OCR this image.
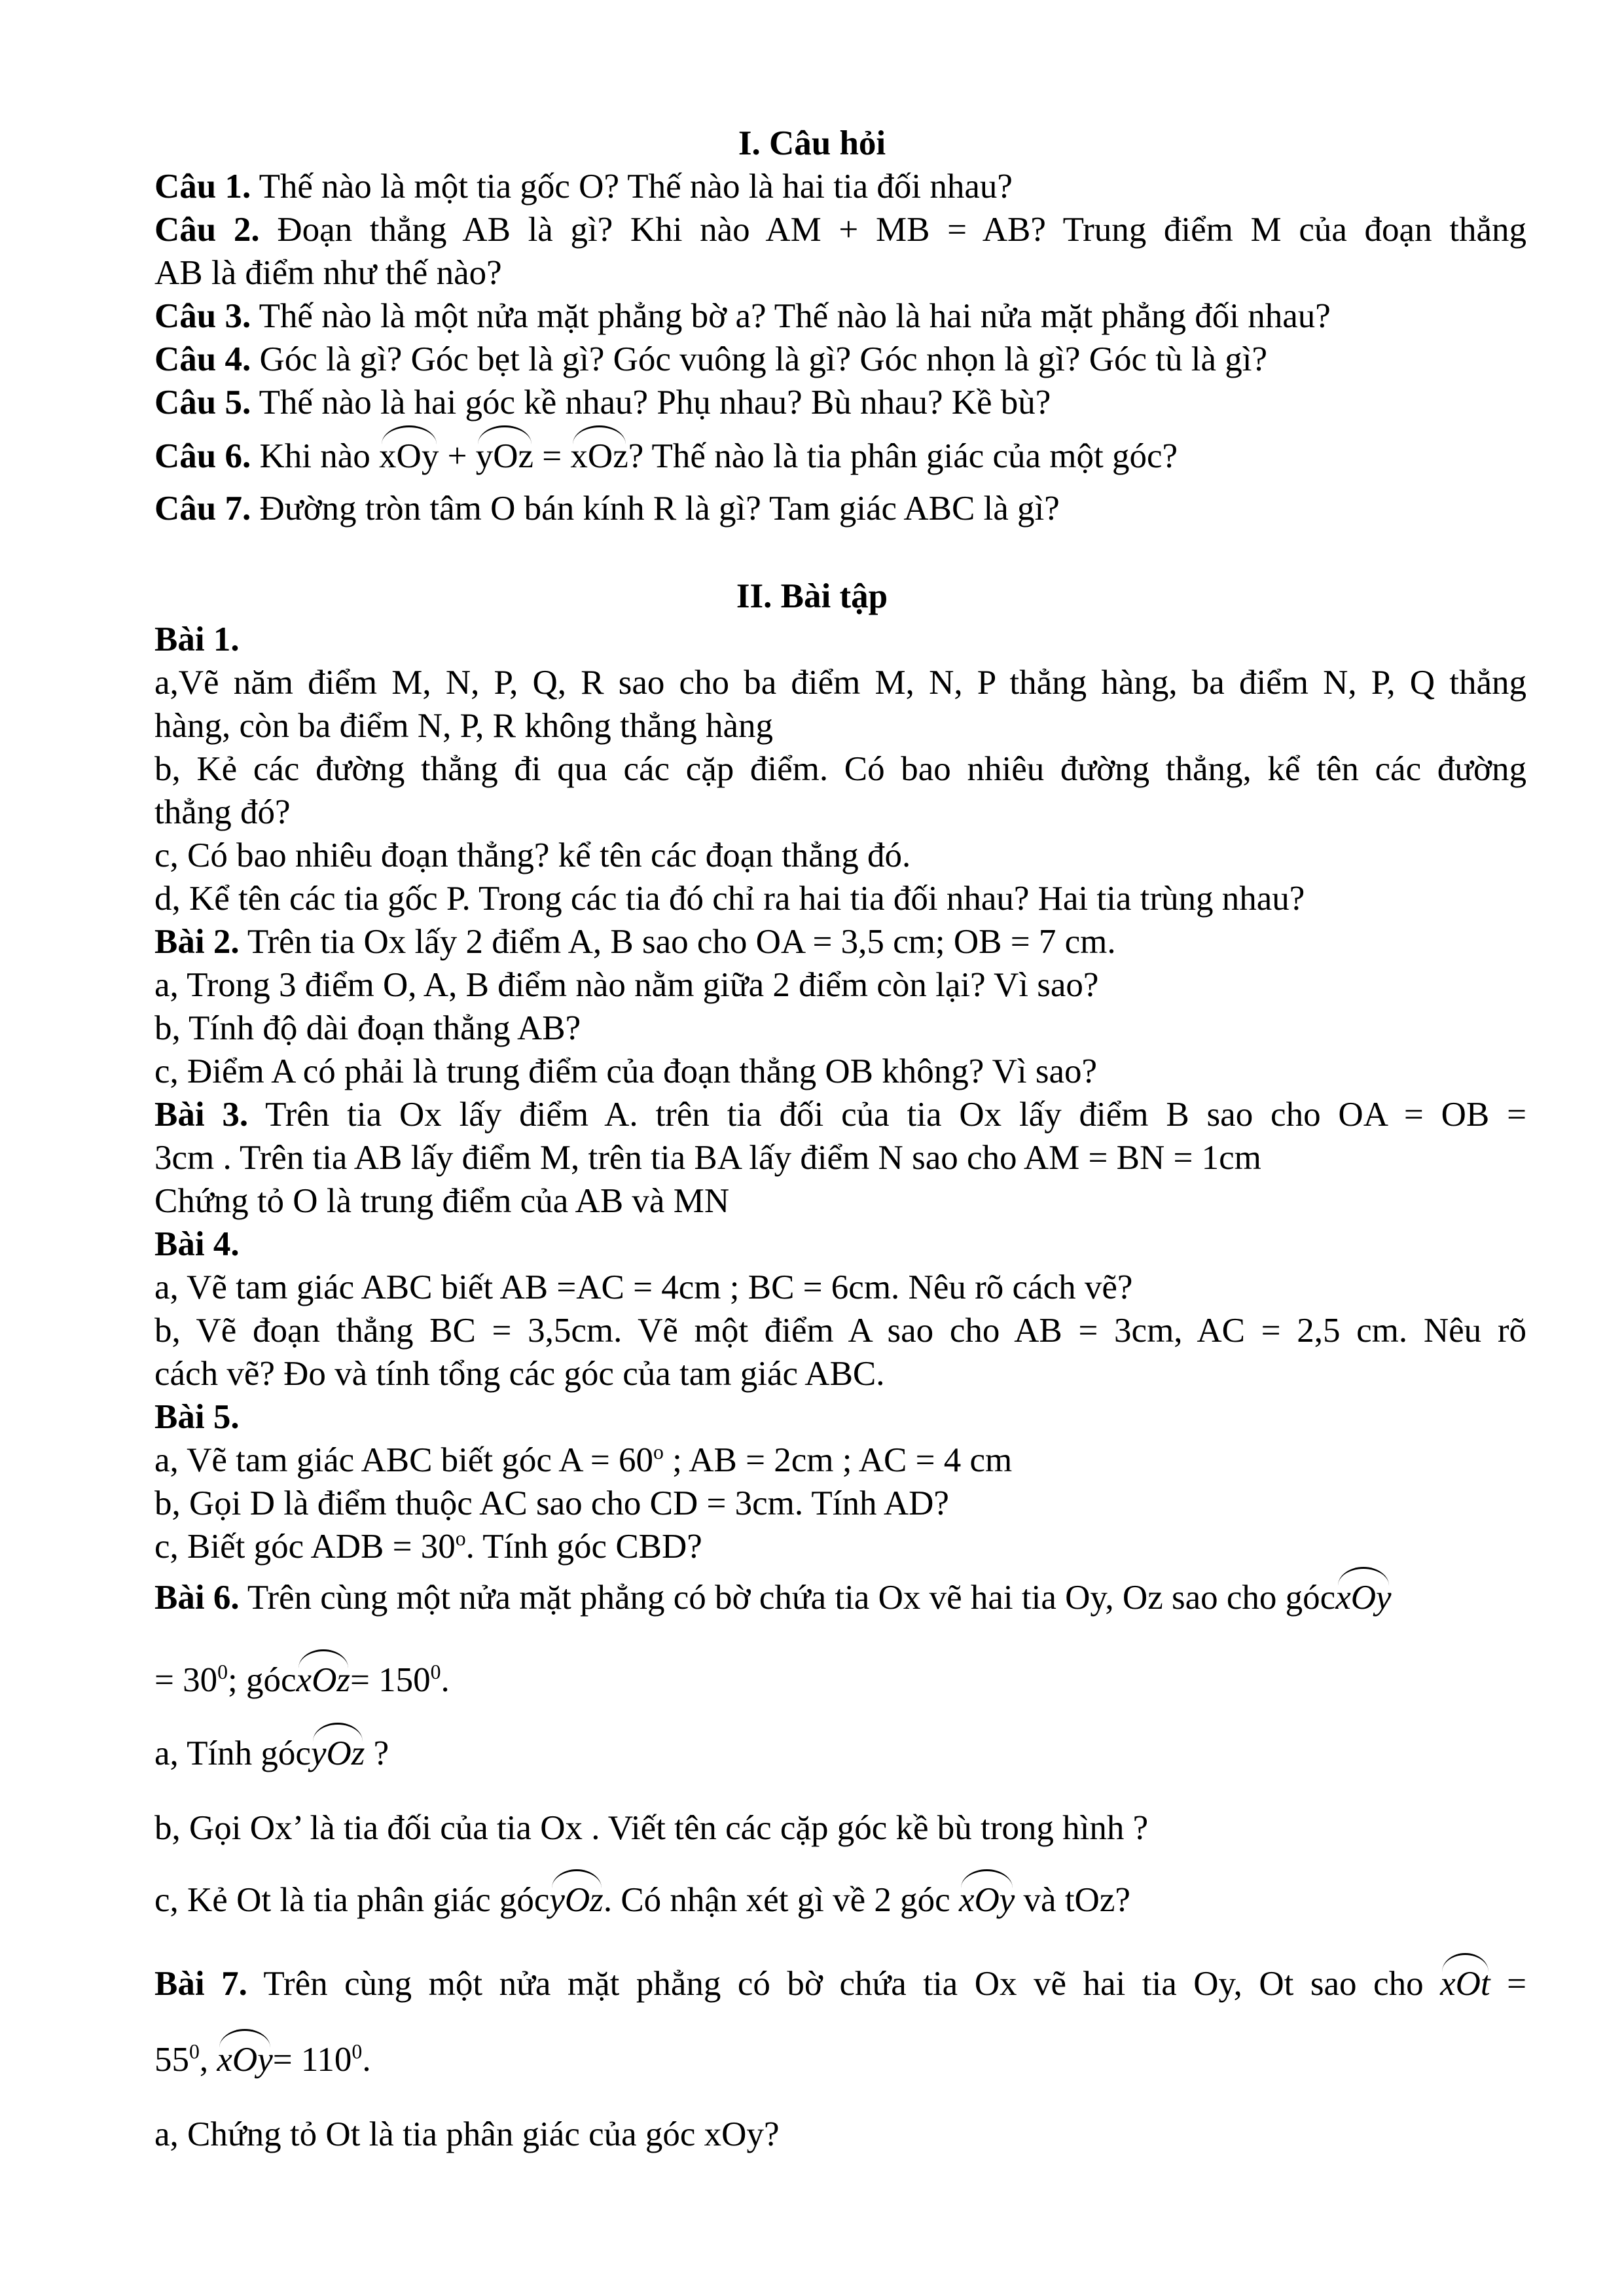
I. Câu hỏi
Câu 1. Thế nào là một tia gốc O? Thế nào là hai tia đối nhau?
Câu 2. Đoạn thẳng AB là gì? Khi nào AM + MB = AB? Trung điểm M của đoạn thẳng
AB là điểm như thế nào?
Câu 3. Thế nào là một nửa mặt phẳng bờ a? Thế nào là hai nửa mặt phẳng đối nhau?
Câu 4. Góc là gì? Góc bẹt là gì? Góc vuông là gì? Góc nhọn là gì? Góc tù là gì?
Câu 5. Thế nào là hai góc kề nhau? Phụ nhau? Bù nhau? Kề bù?
Câu 6. Khi nào xOy + yOz = xOz? Thế nào là tia phân giác của một góc?
Câu 7. Đường tròn tâm O bán kính R là gì? Tam giác ABC là gì?
II. Bài tập
Bài 1.
a,Vẽ năm điểm M, N, P, Q, R sao cho ba điểm M, N, P thẳng hàng, ba điểm N, P, Q thẳng
hàng, còn ba điểm N, P, R không thẳng hàng
b, Kẻ các đường thẳng đi qua các cặp điểm. Có bao nhiêu đường thẳng, kể tên các đường
thẳng đó?
c, Có bao nhiêu đoạn thẳng? kể tên các đoạn thẳng đó.
d, Kể tên các tia gốc P. Trong các tia đó chỉ ra hai tia đối nhau? Hai tia trùng nhau?
Bài 2. Trên tia Ox lấy 2 điểm A, B sao cho OA = 3,5 cm; OB = 7 cm.
a, Trong 3 điểm O, A, B điểm nào nằm giữa 2 điểm còn lại? Vì sao?
b, Tính độ dài đoạn thẳng AB?
c, Điểm A có phải là trung điểm của đoạn thẳng OB không? Vì sao?
Bài 3. Trên tia Ox lấy điểm A. trên tia đối của tia Ox lấy điểm B sao cho OA = OB =
3cm . Trên tia AB lấy điểm M, trên tia BA lấy điểm N sao cho AM = BN = 1cm
Chứng tỏ O là trung điểm của AB và MN
Bài 4.
a, Vẽ tam giác ABC biết AB =AC = 4cm ; BC = 6cm. Nêu rõ cách vẽ?
b, Vẽ đoạn thẳng BC = 3,5cm. Vẽ một điểm A sao cho AB = 3cm, AC = 2,5 cm. Nêu rõ
cách vẽ? Đo và tính tổng các góc của tam giác ABC.
Bài 5.
a, Vẽ tam giác ABC biết góc $A = 60^o$ ; AB = 2cm ; AC = 4 cm
b, Gọi D là điểm thuộc AC sao cho CD = 3cm. Tính AD?
c, Biết góc ADB = $30^o$. Tính góc CBD?
Bài 6. Trên cùng một nửa mặt phẳng có bờ chứa tia Ox vẽ hai tia Oy, Oz sao cho gócxOy
= $30^0$; gócxOz= $150^0$.
a, Tính gócyOz ?
b, Gọi Ox’ là tia đối của tia Ox . Viết tên các cặp góc kề bù trong hình ?
c, Kẻ Ot là tia phân giác gócyOz. Có nhận xét gì về 2 góc xOy và tOz?
Bài 7. Trên cùng một nửa mặt phẳng có bờ chứa tia Ox vẽ hai tia Oy, Ot sao cho xOt =
$55^0$, $xOy= 110^0$.
a, Chứng tỏ Ot là tia phân giác của góc xOy?
